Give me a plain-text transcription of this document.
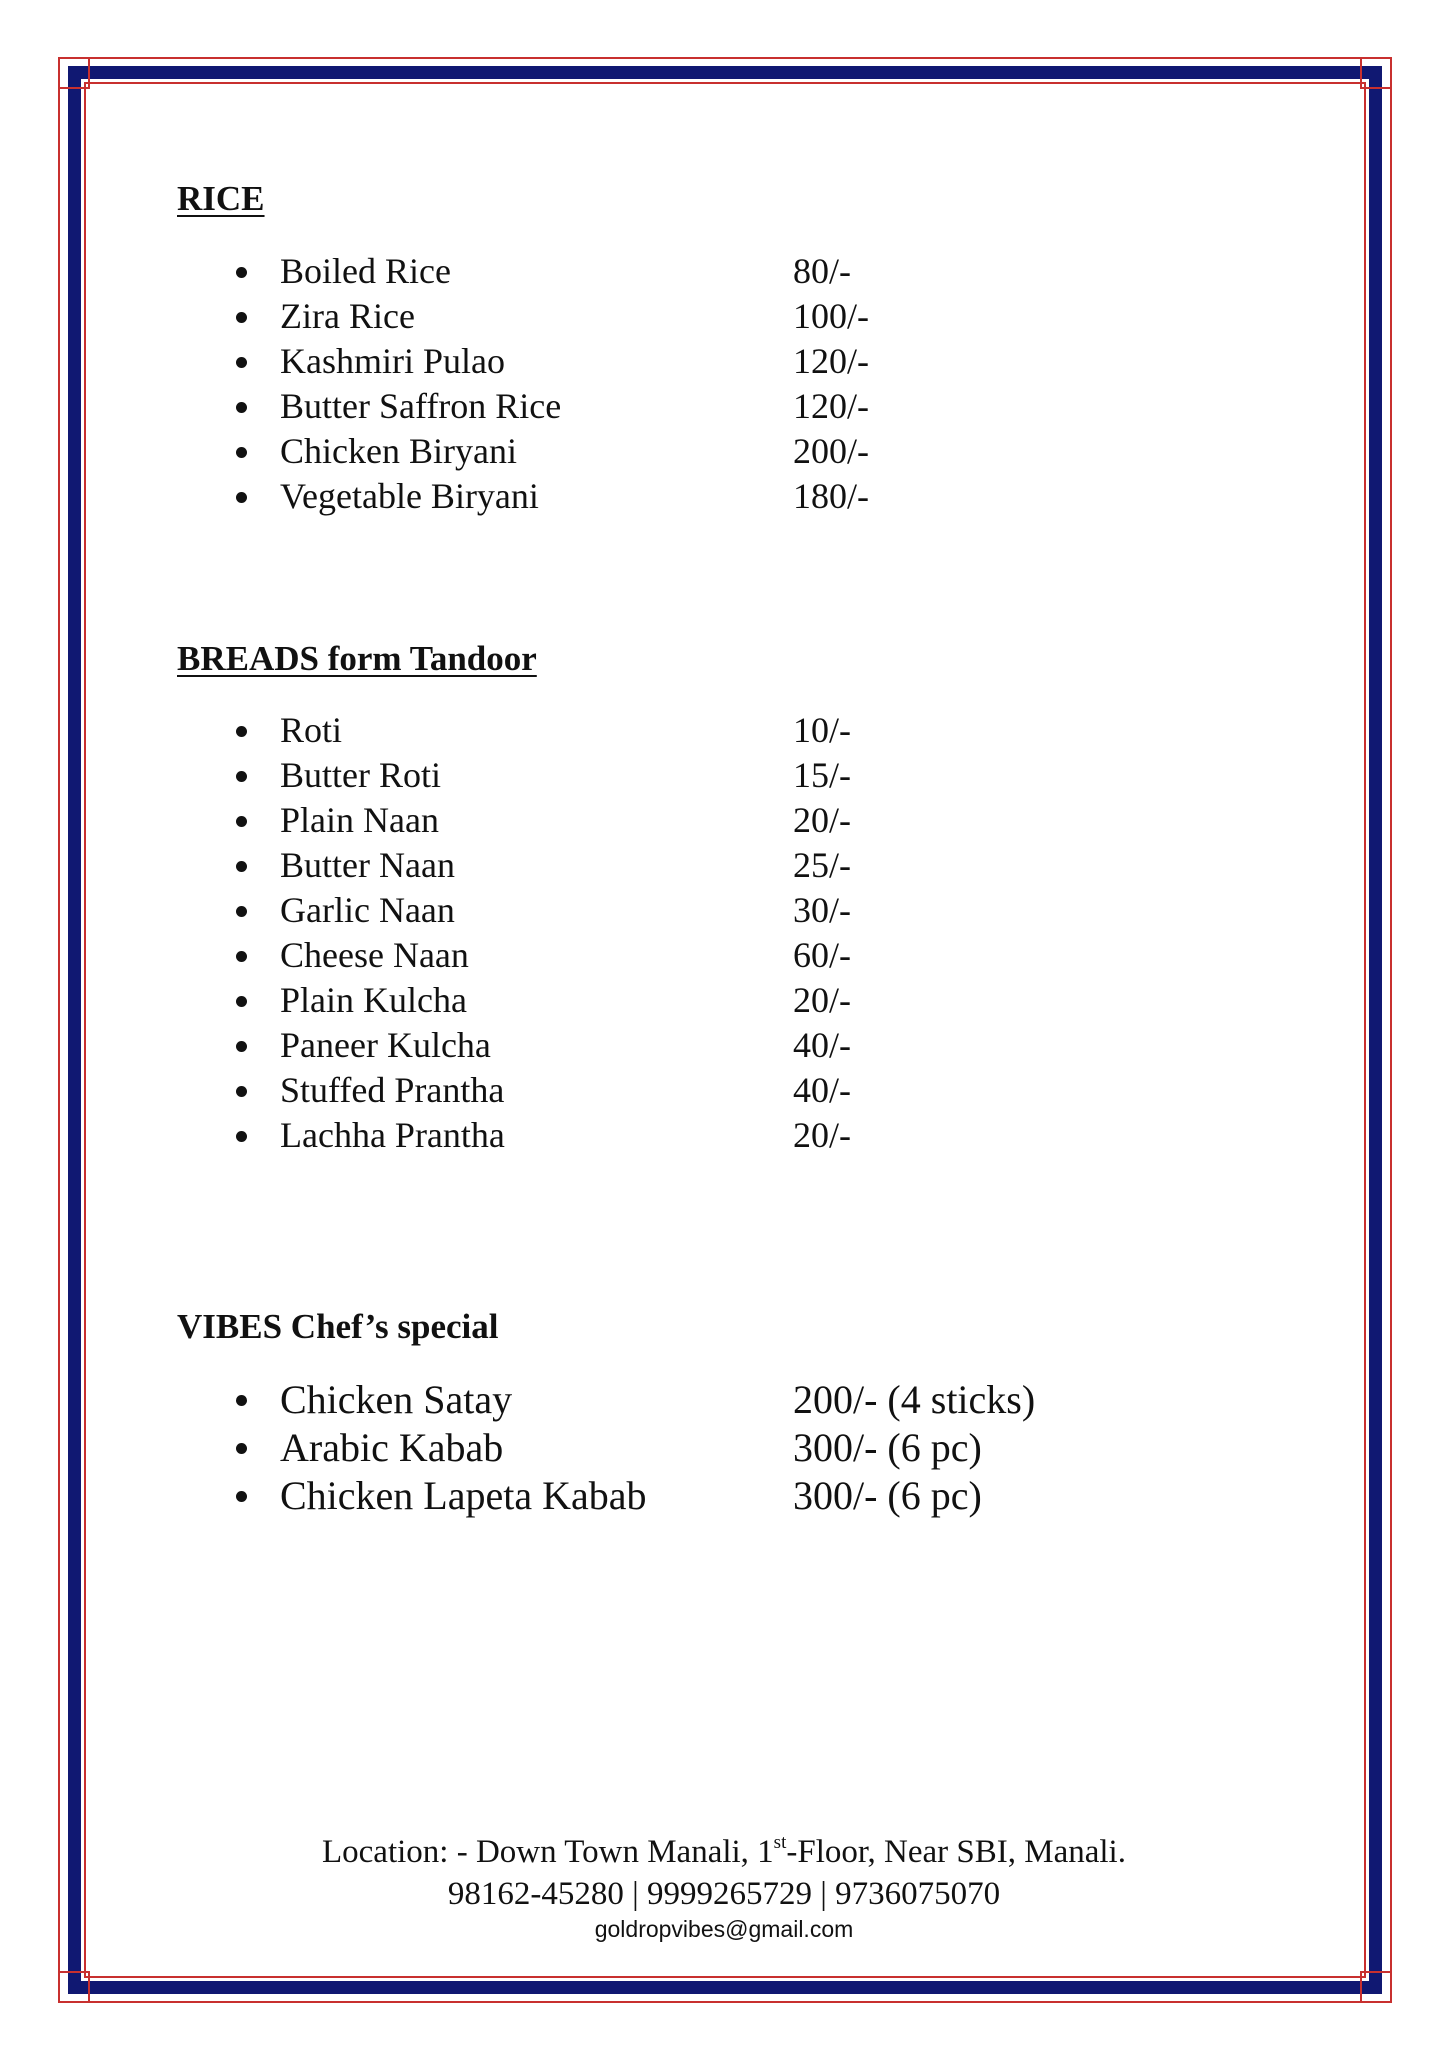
RICE
Boiled Rice	80/-
Zira Rice	100/-
Kashmiri Pulao	120/-
Butter Saffron Rice	120/-
Chicken Biryani	200/-
Vegetable Biryani	180/-
BREADS form Tandoor
Roti	10/-
Butter Roti	15/-
Plain Naan	20/-
Butter Naan	25/-
Garlic Naan	30/-
Cheese Naan	60/-
Plain Kulcha	20/-
Paneer Kulcha	40/-
Stuffed Prantha	40/-
Lachha Prantha	20/-
VIBES Chef’s special
Chicken Satay	200/- (4 sticks)
Arabic Kabab	300/- (6 pc)
Chicken Lapeta Kabab	300/- (6 pc)
Location: - Down Town Manali, 1st-Floor, Near SBI, Manali.
98162-45280 | 9999265729 | 9736075070
goldropvibes@gmail.com
